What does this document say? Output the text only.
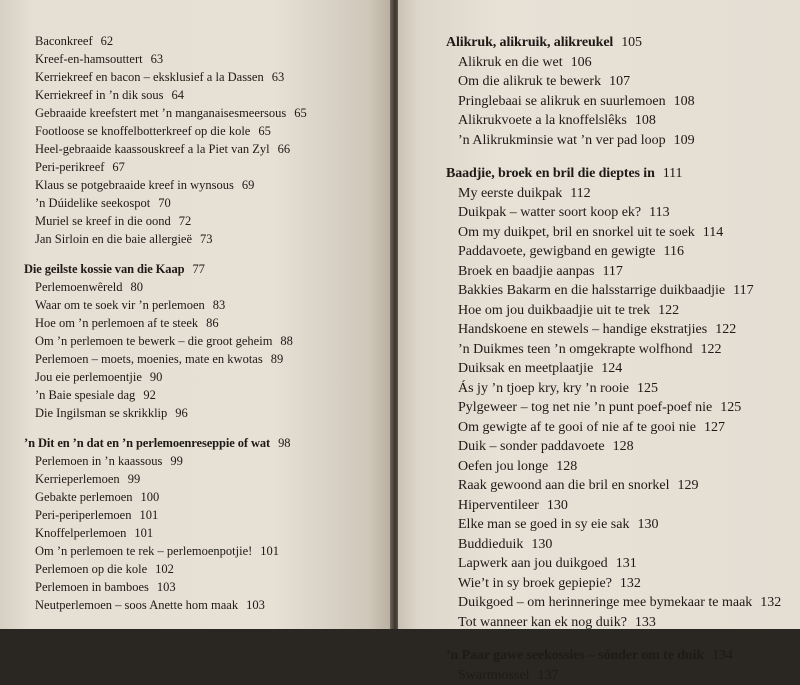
Baconkreef 62
Kreef-en-hamsouttert 63
Kerriekreef en bacon – eksklusief a la Dassen 63
Kerriekreef in ’n dik sous 64
Gebraaide kreefstert met ’n manganaisesmeersous 65
Footloose se knoffelbotterkreef op die kole 65
Heel-gebraaide kaassouskreef a la Piet van Zyl 66
Peri-perikreef 67
Klaus se potgebraaide kreef in wynsous 69
’n Dúidelike seekospot 70
Muriel se kreef in die oond 72
Jan Sirloin en die baie allergieë 73
Die geilste kossie van die Kaap 77
Perlemoenwêreld 80
Waar om te soek vir ’n perlemoen 83
Hoe om ’n perlemoen af te steek 86
Om ’n perlemoen te bewerk – die groot geheim 88
Perlemoen – moets, moenies, mate en kwotas 89
Jou eie perlemoentjie 90
’n Baie spesiale dag 92
Die Ingilsman se skrikklip 96
’n Dit en ’n dat en ’n perlemoenreseppie of wat 98
Perlemoen in ’n kaassous 99
Kerrieperlemoen 99
Gebakte perlemoen 100
Peri-periperlemoen 101
Knoffelperlemoen 101
Om ’n perlemoen te rek – perlemoenpotjie! 101
Perlemoen op die kole 102
Perlemoen in bamboes 103
Neutperlemoen – soos Anette hom maak 103
Alikruk, alikruik, alikreukel 105
Alikruk en die wet 106
Om die alikruk te bewerk 107
Pringlebaai se alikruk en suurlemoen 108
Alikrukvoete a la knoffelslêks 108
’n Alikrukminsie wat ’n ver pad loop 109
Baadjie, broek en bril die dieptes in 111
My eerste duikpak 112
Duikpak – watter soort koop ek? 113
Om my duikpet, bril en snorkel uit te soek 114
Paddavoete, gewigband en gewigte 116
Broek en baadjie aanpas 117
Bakkies Bakarm en die halsstarrige duikbaadjie 117
Hoe om jou duikbaadjie uit te trek 122
Handskoene en stewels – handige ekstratjies 122
’n Duikmes teen ’n omgekrapte wolfhond 122
Duiksak en meetplaatjie 124
Ás jy ’n tjoep kry, kry ’n rooie 125
Pylgeweer – tog net nie ’n punt poef-poef nie 125
Om gewigte af te gooi of nie af te gooi nie 127
Duik – sonder paddavoete 128
Oefen jou longe 128
Raak gewoond aan die bril en snorkel 129
Hiperventileer 130
Elke man se goed in sy eie sak 130
Buddieduik 130
Lapwerk aan jou duikgoed 131
Wie’t in sy broek gepiepie? 132
Duikgoed – om herinneringe mee bymekaar te maak 132
Tot wanneer kan ek nog duik? 133
’n Paar gawe seekossies – sónder om te duik 134
Swartmossel 137
